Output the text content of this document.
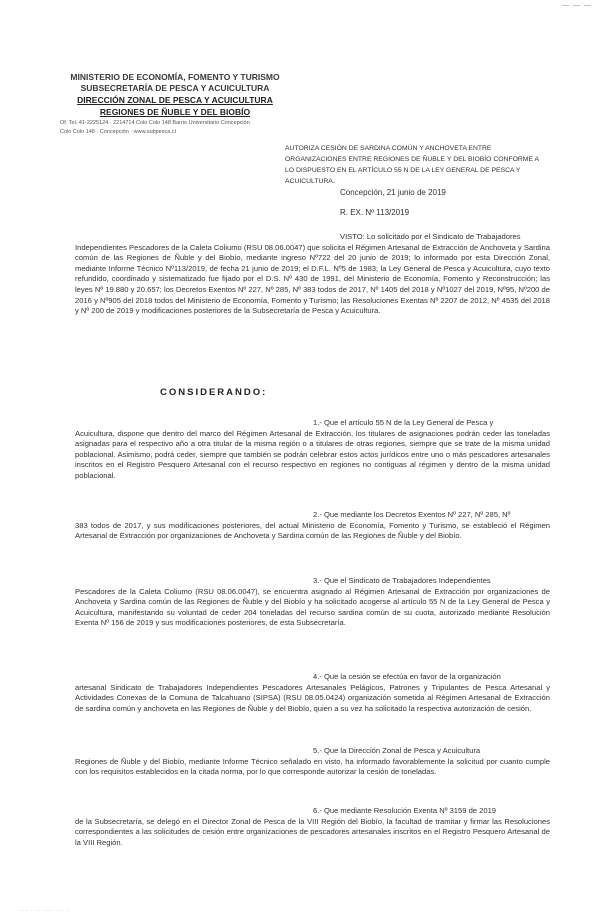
— — —
MINISTERIO DE ECONOMÍA, FOMENTO Y TURISMO
SUBSECRETARÍA DE PESCA Y ACUICULTURA
DIRECCIÓN ZONAL DE PESCA Y ACUICULTURA
REGIONES DE ÑUBLE Y DEL BIOBÍO
Of. Tel. 41-2225124 · 2214714 Colo Colo 148 Barrio Universitario Concepción
Colo Colo 148 · Concepción · www.subpesca.cl
AUTORIZA CESIÓN DE SARDINA COMÚN Y ANCHOVETA ENTRE ORGANIZACIONES ENTRE REGIONES DE ÑUBLE Y DEL BIOBÍO CONFORME A LO DISPUESTO EN EL ARTÍCULO 55 N DE LA LEY GENERAL DE PESCA Y ACUICULTURA.
Concepción, 21 junio de 2019
R. EX. Nº 113/2019
VISTO: Lo solicitado por el Sindicato de Trabajadores
Independientes Pescadores de la Caleta Coliumo (RSU 08.06.0047) que solicita el Régimen Artesanal de Extracción de Anchoveta y Sardina común de las Regiones de Ñuble y del Biobío, mediante ingreso Nº722 del 20 junio de 2019; lo informado por esta Dirección Zonal, mediante Informe Técnico Nº113/2019, de fecha 21 junio de 2019; el D.F.L. Nº5 de 1983; la Ley General de Pesca y Acuicultura, cuyo texto refundido, coordinado y sistematizado fue fijado por el D.S. Nº 430 de 1991, del Ministerio de Economía, Fomento y Reconstrucción; las leyes Nº 19.880 y 20.657; los Decretos Exentos Nº 227, Nº 285, Nº 383 todos de 2017, Nº 1405 del 2018 y Nº1027 del 2019, Nº95, Nº200 de 2016 y Nº905 del 2018 todos del Ministerio de Economía, Fomento y Turismo; las Resoluciones Exentas Nº 2207 de 2012, Nº 4535 del 2018 y Nº 200 de 2019 y modificaciones posteriores de la Subsecretaría de Pesca y Acuicultura.
CONSIDERANDO:
1.- Que el artículo 55 N de la Ley General de Pesca y
Acuicultura, dispone que dentro del marco del Régimen Artesanal de Extracción, los titulares de asignaciones podrán ceder las toneladas asignadas para el respectivo año a otra titular de la misma región o a titulares de otras regiones, siempre que se trate de la misma unidad poblacional. Asimismo, podrá ceder, siempre que también se podrán celebrar estos actos jurídicos entre uno o más pescadores artesanales inscritos en el Registro Pesquero Artesanal con el recurso respectivo en regiones no contiguas al régimen y dentro de la misma unidad poblacional.
2.- Que mediante los Decretos Exentos Nº 227, Nº 285, Nº
383 todos de 2017, y sus modificaciones posteriores, del actual Ministerio de Economía, Fomento y Turismo, se estableció el Régimen Artesanal de Extracción por organizaciones de Anchoveta y Sardina común de las Regiones de Ñuble y del Biobío.
3.- Que el Sindicato de Trabajadores Independientes
Pescadores de la Caleta Coliumo (RSU 08.06.0047), se encuentra asignado al Régimen Artesanal de Extracción por organizaciones de Anchoveta y Sardina común de las Regiones de Ñuble y del Biobío y ha solicitado acogerse al artículo 55 N de la Ley General de Pesca y Acuicultura, manifestando su voluntad de ceder 204 toneladas del recurso sardina común de su cuota, autorizado mediante Resolución Exenta Nº 156 de 2019 y sus modificaciones posteriores, de esta Subsecretaría.
4.- Que la cesión se efectúa en favor de la organización
artesanal Sindicato de Trabajadores Independientes Pescadores Artesanales Pelágicos, Patrones y Tripulantes de Pesca Artesanal y Actividades Conexas de la Comuna de Talcahuano (SIPSA) (RSU 08.05.0424) organización sometida al Régimen Artesanal de Extracción de sardina común y anchoveta en las Regiones de Ñuble y del Biobío, quien a su vez ha solicitado la respectiva autorización de cesión.
5.- Que la Dirección Zonal de Pesca y Acuicultura
Regiones de Ñuble y del Biobío, mediante Informe Técnico señalado en visto, ha informado favorablemente la solicitud por cuanto cumple con los requisitos establecidos en la citada norma, por lo que corresponde autorizar la cesión de toneladas.
6.- Que mediante Resolución Exenta Nº 3159 de 2019
de la Subsecretaría, se delegó en el Director Zonal de Pesca de la VIII Región del Biobío, la facultad de tramitar y firmar las Resoluciones correspondientes a las solicitudes de cesión entre organizaciones de pescadores artesanales inscritos en el Registro Pesquero Artesanal de la VIII Región.
··· · ·· ···· ··· ·
